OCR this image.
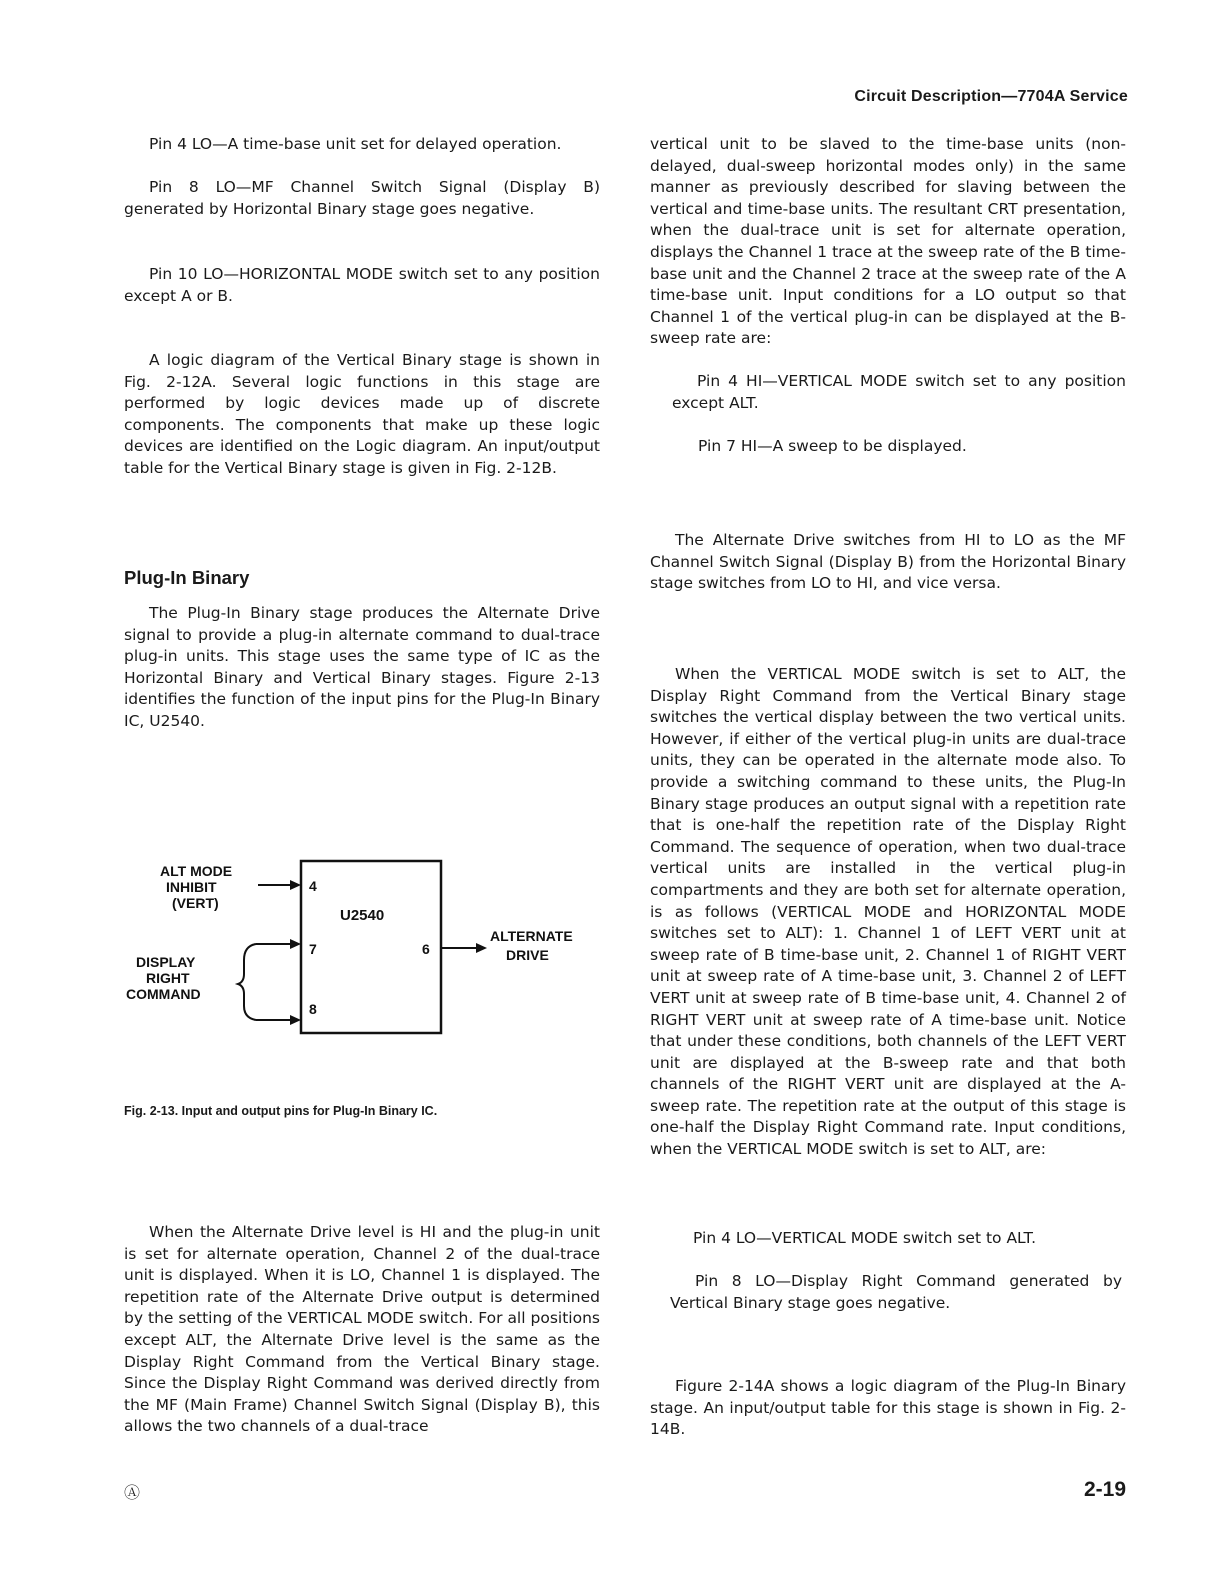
Circuit Description—7704A Service

Pin 4 LO—A time-base unit set for delayed operation.

Pin 8 LO—MF Channel Switch Signal (Display B) generated by Horizontal Binary stage goes negative.

Pin 10 LO—HORIZONTAL MODE switch set to any position except A or B.

A logic diagram of the Vertical Binary stage is shown in Fig. 2-12A. Several logic functions in this stage are performed by logic devices made up of discrete components. The components that make up these logic devices are identified on the Logic diagram. An input/output table for the Vertical Binary stage is given in Fig. 2-12B.

Plug-In Binary

The Plug-In Binary stage produces the Alternate Drive signal to provide a plug-in alternate command to dual-trace plug-in units. This stage uses the same type of IC as the Horizontal Binary and Vertical Binary stages. Figure 2-13 identifies the function of the input pins for the Plug-In Binary IC, U2540.

U2540
ALT MODE
INHIBIT
(VERT)
4
DISPLAY
RIGHT
COMMAND
7
8
6
ALTERNATE
DRIVE
Fig. 2-13. Input and output pins for Plug-In Binary IC.

When the Alternate Drive level is HI and the plug-in unit is set for alternate operation, Channel 2 of the dual-trace unit is displayed. When it is LO, Channel 1 is displayed. The repetition rate of the Alternate Drive output is determined by the setting of the VERTICAL MODE switch. For all positions except ALT, the Alternate Drive level is the same as the Display Right Command from the Vertical Binary stage. Since the Display Right Command was derived directly from the MF (Main Frame) Channel Switch Signal (Display B), this allows the two channels of a dual-trace

vertical unit to be slaved to the time-base units (non-delayed, dual-sweep horizontal modes only) in the same manner as previously described for slaving between the vertical and time-base units. The resultant CRT presentation, when the dual-trace unit is set for alternate operation, displays the Channel 1 trace at the sweep rate of the B time-base unit and the Channel 2 trace at the sweep rate of the A time-base unit. Input conditions for a LO output so that Channel 1 of the vertical plug-in can be displayed at the B-sweep rate are:

Pin 4 HI—VERTICAL MODE switch set to any position except ALT.

Pin 7 HI—A sweep to be displayed.

The Alternate Drive switches from HI to LO as the MF Channel Switch Signal (Display B) from the Horizontal Binary stage switches from LO to HI, and vice versa.

When the VERTICAL MODE switch is set to ALT, the Display Right Command from the Vertical Binary stage switches the vertical display between the two vertical units. However, if either of the vertical plug-in units are dual-trace units, they can be operated in the alternate mode also. To provide a switching command to these units, the Plug-In Binary stage produces an output signal with a repetition rate that is one-half the repetition rate of the Display Right Command. The sequence of operation, when two dual-trace vertical units are installed in the vertical plug-in compartments and they are both set for alternate operation, is as follows (VERTICAL MODE and HORIZONTAL MODE switches set to ALT): 1. Channel 1 of LEFT VERT unit at sweep rate of B time-base unit, 2. Channel 1 of RIGHT VERT unit at sweep rate of A time-base unit, 3. Channel 2 of LEFT VERT unit at sweep rate of B time-base unit, 4. Channel 2 of RIGHT VERT unit at sweep rate of A time-base unit. Notice that under these conditions, both channels of the LEFT VERT unit are displayed at the B-sweep rate and that both channels of the RIGHT VERT unit are displayed at the A-sweep rate. The repetition rate at the output of this stage is one-half the Display Right Command rate. Input conditions, when the VERTICAL MODE switch is set to ALT, are:

Pin 4 LO—VERTICAL MODE switch set to ALT.

Pin 8 LO—Display Right Command generated by Vertical Binary stage goes negative.

Figure 2-14A shows a logic diagram of the Plug-In Binary stage. An input/output table for this stage is shown in Fig. 2-14B.

Ⓐ	2-19
